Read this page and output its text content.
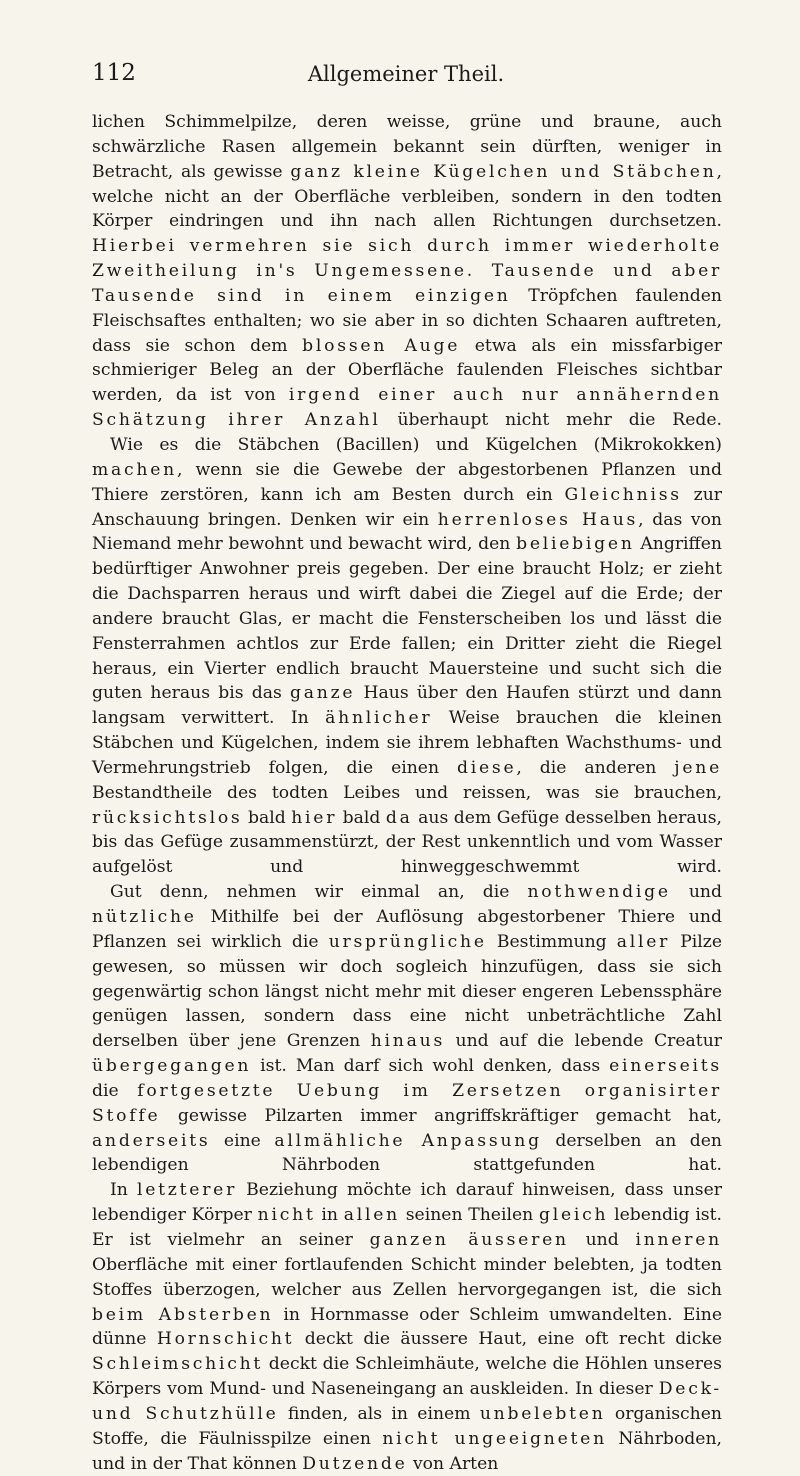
112	Allgemeiner Theil.

lichen Schimmelpilze, deren weisse, grüne und braune, auch schwärzliche Rasen allgemein bekannt sein dürften, weniger in Betracht, als gewisse ganz kleine Kügelchen und Stäbchen, welche nicht an der Oberfläche verbleiben, sondern in den todten Körper eindringen und ihn nach allen Richtungen durchsetzen. Hierbei vermehren sie sich durch immer wiederholte Zweitheilung in's Ungemessene. Tausende und aber Tausende sind in einem einzigen Tröpfchen faulenden Fleischsaftes enthalten; wo sie aber in so dichten Schaaren auftreten, dass sie schon dem blossen Auge etwa als ein missfarbiger schmieriger Beleg an der Oberfläche faulenden Fleisches sichtbar werden, da ist von irgend einer auch nur annähernden Schätzung ihrer Anzahl überhaupt nicht mehr die Rede.

Wie es die Stäbchen (Bacillen) und Kügelchen (Mikrokokken) machen, wenn sie die Gewebe der abgestorbenen Pflanzen und Thiere zerstören, kann ich am Besten durch ein Gleichniss zur Anschauung bringen. Denken wir ein herrenloses Haus, das von Niemand mehr bewohnt und bewacht wird, den beliebigen Angriffen bedürftiger Anwohner preis gegeben. Der eine braucht Holz; er zieht die Dachsparren heraus und wirft dabei die Ziegel auf die Erde; der andere braucht Glas, er macht die Fensterscheiben los und lässt die Fensterrahmen achtlos zur Erde fallen; ein Dritter zieht die Riegel heraus, ein Vierter endlich braucht Mauersteine und sucht sich die guten heraus bis das ganze Haus über den Haufen stürzt und dann langsam verwittert. In ähnlicher Weise brauchen die kleinen Stäbchen und Kügelchen, indem sie ihrem lebhaften Wachsthums- und Vermehrungstrieb folgen, die einen diese, die anderen jene Bestandtheile des todten Leibes und reissen, was sie brauchen, rücksichtslos bald hier bald da aus dem Gefüge desselben heraus, bis das Gefüge zusammenstürzt, der Rest unkenntlich und vom Wasser aufgelöst und hinweggeschwemmt wird.

Gut denn, nehmen wir einmal an, die nothwendige und nützliche Mithilfe bei der Auflösung abgestorbener Thiere und Pflanzen sei wirklich die ursprüngliche Bestimmung aller Pilze gewesen, so müssen wir doch sogleich hinzufügen, dass sie sich gegenwärtig schon längst nicht mehr mit dieser engeren Lebenssphäre genügen lassen, sondern dass eine nicht unbeträchtliche Zahl derselben über jene Grenzen hinaus und auf die lebende Creatur übergegangen ist. Man darf sich wohl denken, dass einerseits die fortgesetzte Uebung im Zersetzen organisirter Stoffe gewisse Pilzarten immer angriffskräftiger gemacht hat, anderseits eine allmähliche Anpassung derselben an den lebendigen Nährboden stattgefunden hat.

In letzterer Beziehung möchte ich darauf hinweisen, dass unser lebendiger Körper nicht in allen seinen Theilen gleich lebendig ist. Er ist vielmehr an seiner ganzen äusseren und inneren Oberfläche mit einer fortlaufenden Schicht minder belebten, ja todten Stoffes überzogen, welcher aus Zellen hervorgegangen ist, die sich beim Absterben in Hornmasse oder Schleim umwandelten. Eine dünne Hornschicht deckt die äussere Haut, eine oft recht dicke Schleimschicht deckt die Schleimhäute, welche die Höhlen unseres Körpers vom Mund- und Naseneingang an auskleiden. In dieser Deck- und Schutzhülle finden, als in einem unbelebten organischen Stoffe, die Fäulnisspilze einen nicht ungeeigneten Nährboden, und in der That können Dutzende von Arten
